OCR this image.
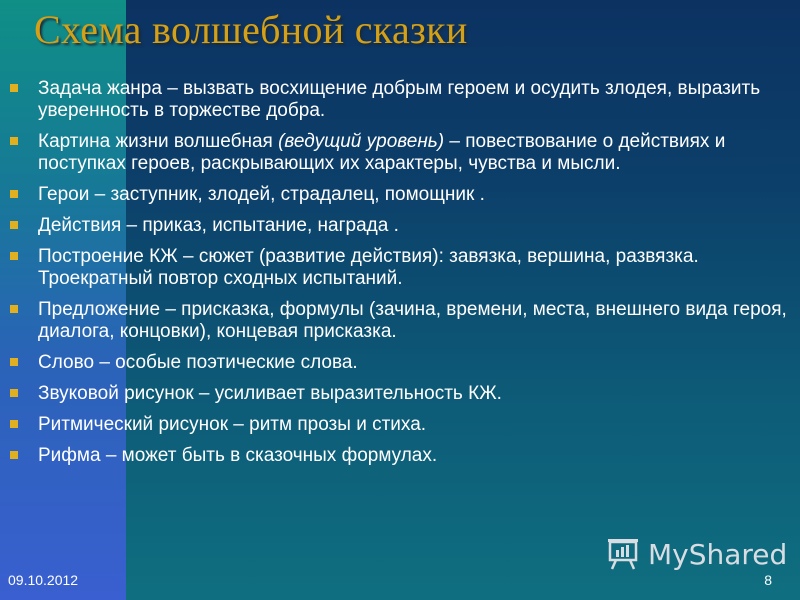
Схема волшебной сказки
Задача жанра – вызвать восхищение добрым героем и осудить злодея, выразить уверенность в торжестве добра.
Картина жизни волшебная (ведущий уровень) – повествование о действиях и поступках героев, раскрывающих их характеры, чувства и мысли.
Герои – заступник, злодей, страдалец, помощник .
Действия – приказ, испытание, награда .
Построение КЖ – сюжет (развитие действия): завязка, вершина, развязка. Троекратный повтор сходных испытаний.
Предложение – присказка, формулы (зачина, времени, места, внешнего вида героя, диалога, концовки), концевая присказка.
Слово – особые поэтические слова.
Звуковой рисунок – усиливает выразительность КЖ.
Ритмический рисунок – ритм прозы и стиха.
Рифма – может быть в сказочных формулах.
09.10.2012
MyShared
8
